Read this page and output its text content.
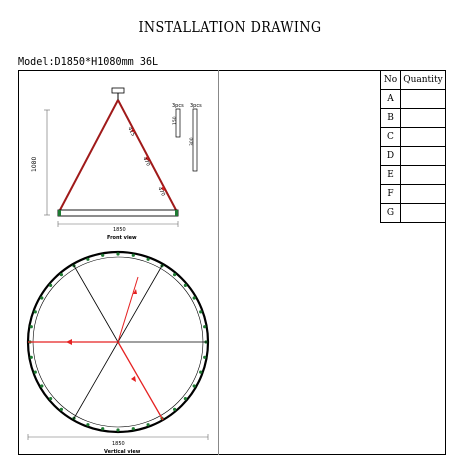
INSTALLATION DRAWING
Model:D1850*H1080mm 36L
No	Quantity
A	
B	
C	
D	
E	
F	
G	
415
470
470
1080
1850
Front view
3pcs
150
3pcs
300
1850
Vertical view
